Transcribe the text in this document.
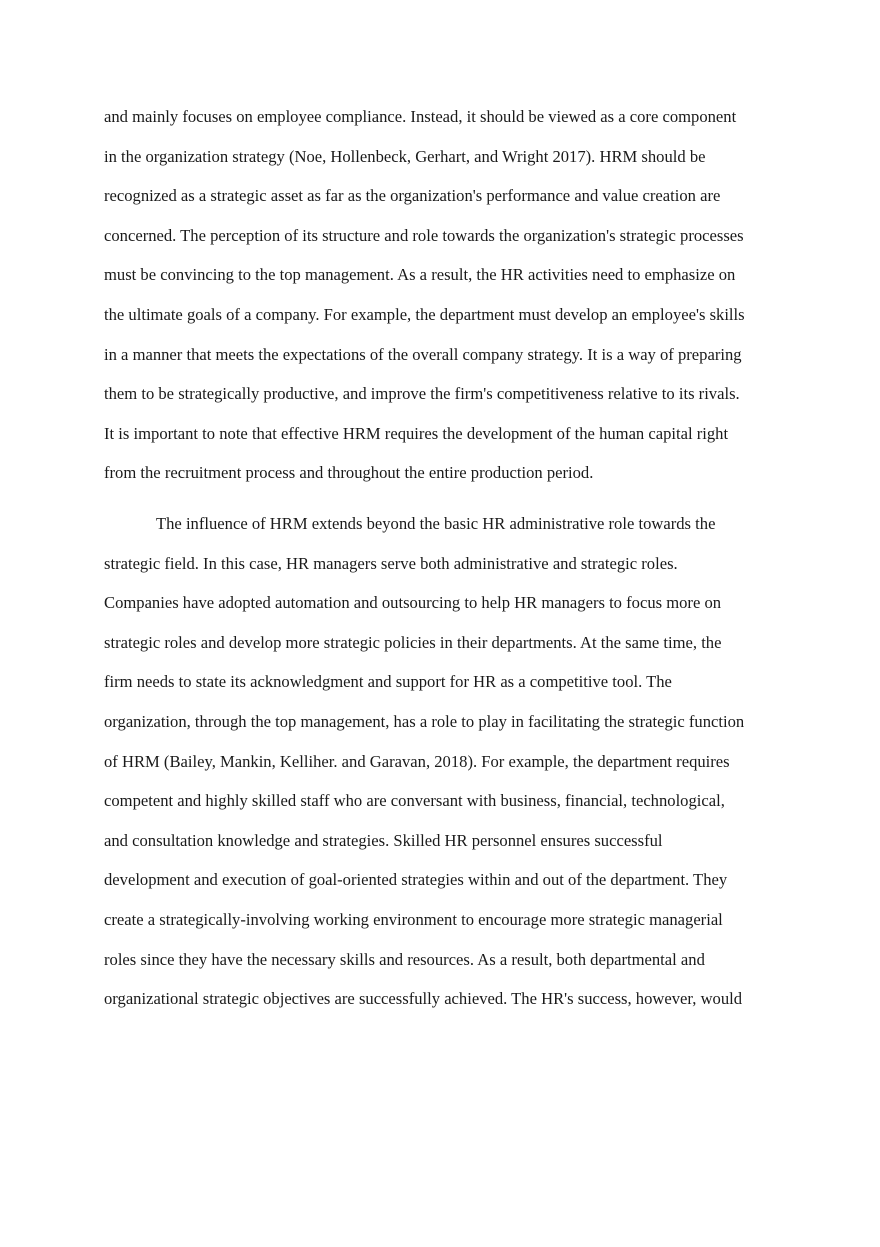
and mainly focuses on employee compliance. Instead, it should be viewed as a core component
in the organization strategy (Noe, Hollenbeck, Gerhart, and Wright 2017). HRM should be
recognized as a strategic asset as far as the organization's performance and value creation are
concerned. The perception of its structure and role towards the organization's strategic processes
must be convincing to the top management. As a result, the HR activities need to emphasize on
the ultimate goals of a company. For example, the department must develop an employee's skills
in a manner that meets the expectations of the overall company strategy. It is a way of preparing
them to be strategically productive, and improve the firm's competitiveness relative to its rivals.
It is important to note that effective HRM requires the development of the human capital right
from the recruitment process and throughout the entire production period.
The influence of HRM extends beyond the basic HR administrative role towards the
strategic field. In this case, HR managers serve both administrative and strategic roles.
Companies have adopted automation and outsourcing to help HR managers to focus more on
strategic roles and develop more strategic policies in their departments. At the same time, the
firm needs to state its acknowledgment and support for HR as a competitive tool. The
organization, through the top management, has a role to play in facilitating the strategic function
of HRM (Bailey, Mankin, Kelliher. and Garavan, 2018). For example, the department requires
competent and highly skilled staff who are conversant with business, financial, technological,
and consultation knowledge and strategies. Skilled HR personnel ensures successful
development and execution of goal-oriented strategies within and out of the department. They
create a strategically-involving working environment to encourage more strategic managerial
roles since they have the necessary skills and resources. As a result, both departmental and
organizational strategic objectives are successfully achieved. The HR's success, however, would
